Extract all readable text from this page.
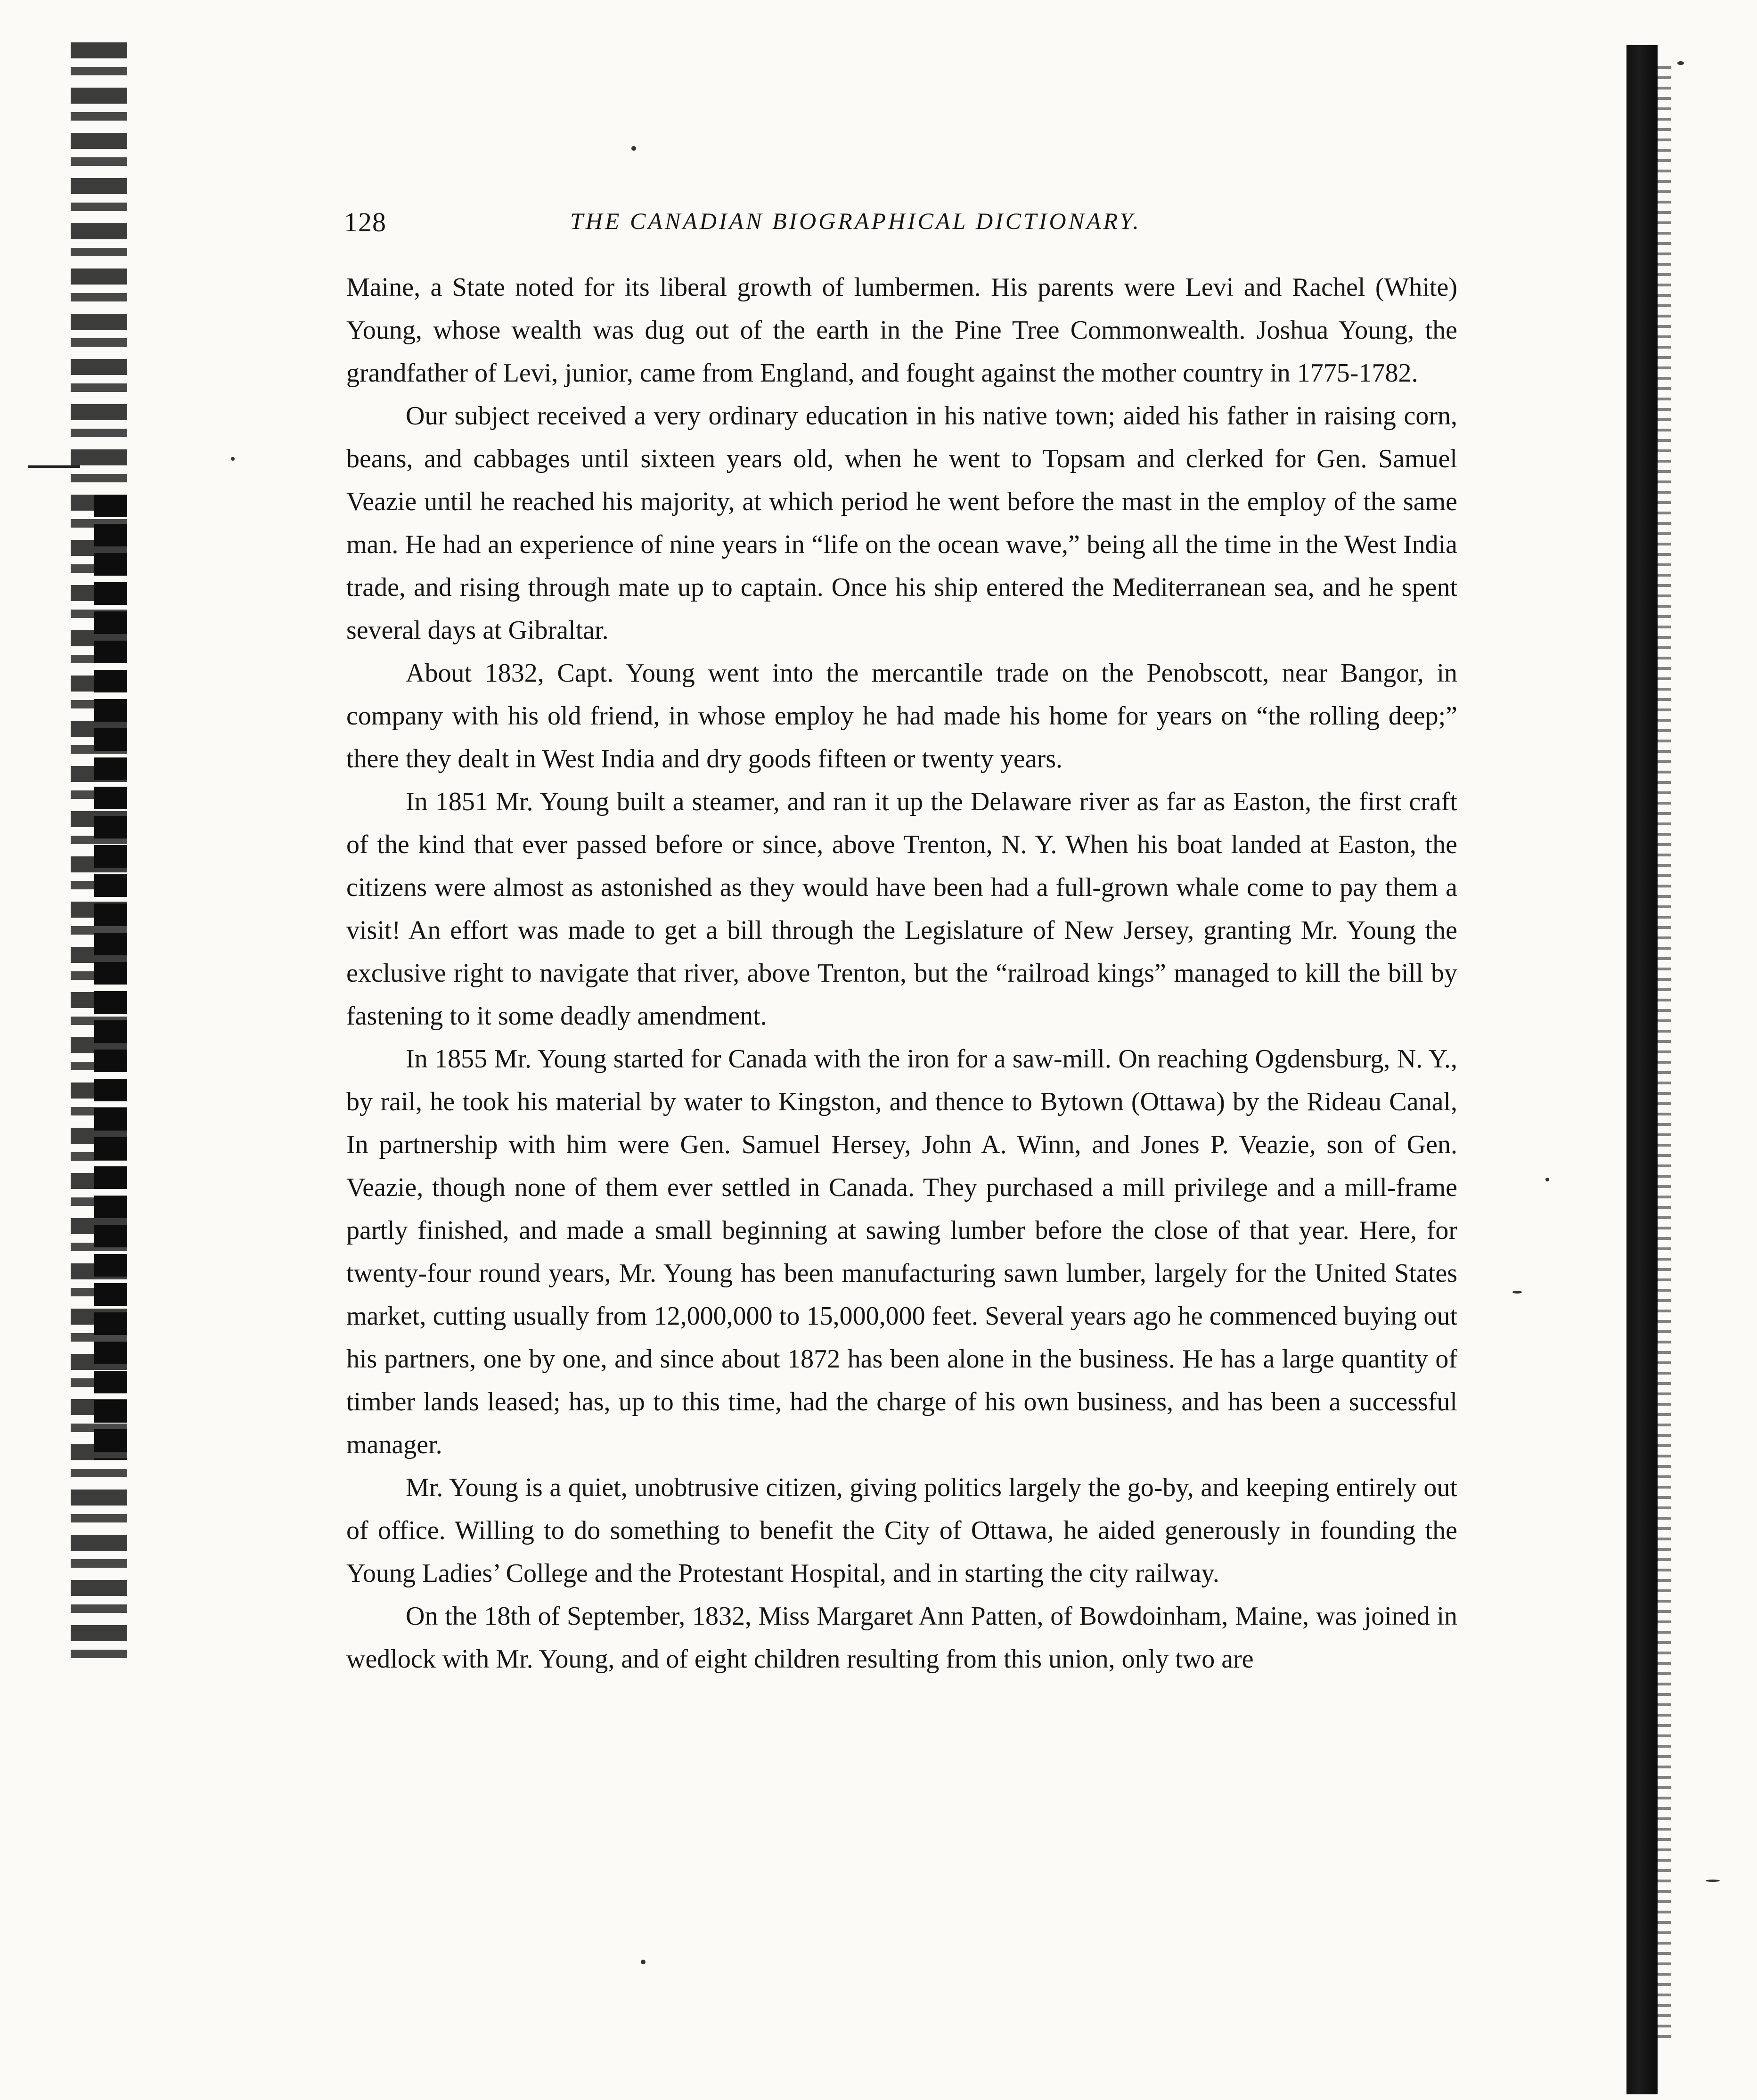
128	THE CANADIAN BIOGRAPHICAL DICTIONARY.

Maine, a State noted for its liberal growth of lumbermen. His parents were Levi and Rachel (White) Young, whose wealth was dug out of the earth in the Pine Tree Commonwealth. Joshua Young, the grandfather of Levi, junior, came from England, and fought against the mother country in 1775-1782.

Our subject received a very ordinary education in his native town; aided his father in raising corn, beans, and cabbages until sixteen years old, when he went to Topsam and clerked for Gen. Samuel Veazie until he reached his majority, at which period he went before the mast in the employ of the same man. He had an experience of nine years in “life on the ocean wave,” being all the time in the West India trade, and rising through mate up to captain. Once his ship entered the Mediterranean sea, and he spent several days at Gibraltar.

About 1832, Capt. Young went into the mercantile trade on the Penobscott, near Bangor, in company with his old friend, in whose employ he had made his home for years on “the rolling deep;” there they dealt in West India and dry goods fifteen or twenty years.

In 1851 Mr. Young built a steamer, and ran it up the Delaware river as far as Easton, the first craft of the kind that ever passed before or since, above Trenton, N. Y. When his boat landed at Easton, the citizens were almost as astonished as they would have been had a full-grown whale come to pay them a visit! An effort was made to get a bill through the Legislature of New Jersey, granting Mr. Young the exclusive right to navigate that river, above Trenton, but the “railroad kings” managed to kill the bill by fastening to it some deadly amendment.

In 1855 Mr. Young started for Canada with the iron for a saw-mill. On reaching Ogdensburg, N. Y., by rail, he took his material by water to Kingston, and thence to Bytown (Ottawa) by the Rideau Canal, In partnership with him were Gen. Samuel Hersey, John A. Winn, and Jones P. Veazie, son of Gen. Veazie, though none of them ever settled in Canada. They purchased a mill privilege and a mill-frame partly finished, and made a small beginning at sawing lumber before the close of that year. Here, for twenty-four round years, Mr. Young has been manufacturing sawn lumber, largely for the United States market, cutting usually from 12,000,000 to 15,000,000 feet. Several years ago he commenced buying out his partners, one by one, and since about 1872 has been alone in the business. He has a large quantity of timber lands leased; has, up to this time, had the charge of his own business, and has been a successful manager.

Mr. Young is a quiet, unobtrusive citizen, giving politics largely the go-by, and keeping entirely out of office. Willing to do something to benefit the City of Ottawa, he aided generously in founding the Young Ladies’ College and the Protestant Hospital, and in starting the city railway.

On the 18th of September, 1832, Miss Margaret Ann Patten, of Bowdoinham, Maine, was joined in wedlock with Mr. Young, and of eight children resulting from this union, only two are
